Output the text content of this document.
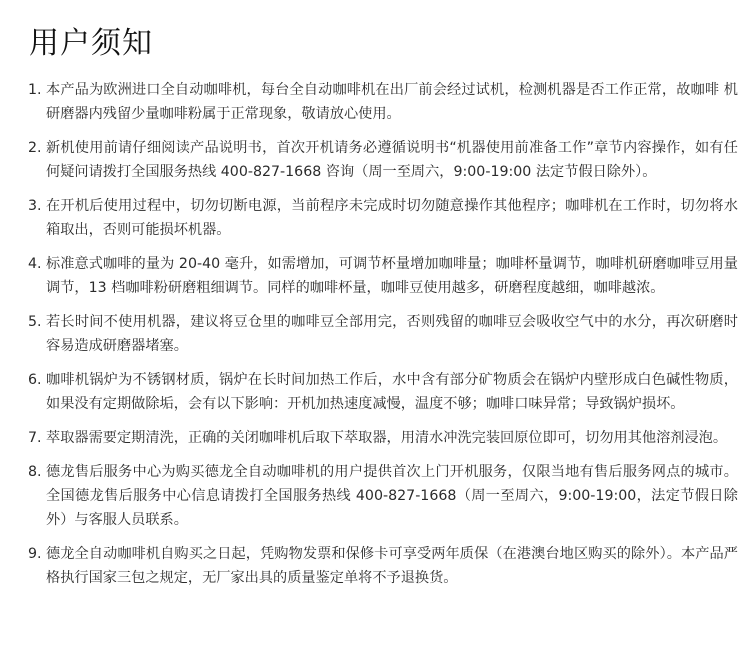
用户须知
1. 本产品为欧洲进口全自动咖啡机，每台全自动咖啡机在出厂前会经过试机，检测机器是否工作正常，故咖啡 机研磨器内残留少量咖啡粉属于正常现象，敬请放心使用。
2. 新机使用前请仔细阅读产品说明书，首次开机请务必遵循说明书“机器使用前准备工作”章节内容操作，如有任何疑问请拨打全国服务热线 400-827-1668 咨询（周一至周六，9:00-19:00 法定节假日除外）。
3. 在开机后使用过程中，切勿切断电源，当前程序未完成时切勿随意操作其他程序；咖啡机在工作时，切勿将水箱取出，否则可能损坏机器。
4. 标准意式咖啡的量为 20-40 毫升，如需增加，可调节杯量增加咖啡量；咖啡杯量调节，咖啡机研磨咖啡豆用量调节，13 档咖啡粉研磨粗细调节。同样的咖啡杯量，咖啡豆使用越多，研磨程度越细，咖啡越浓。
5. 若长时间不使用机器，建议将豆仓里的咖啡豆全部用完，否则残留的咖啡豆会吸收空气中的水分，再次研磨时容易造成研磨器堵塞。
6. 咖啡机锅炉为不锈钢材质，锅炉在长时间加热工作后，水中含有部分矿物质会在锅炉内壁形成白色碱性物质，如果没有定期做除垢，会有以下影响：开机加热速度减慢，温度不够；咖啡口味异常；导致锅炉损坏。
7. 萃取器需要定期清洗，正确的关闭咖啡机后取下萃取器，用清水冲洗完装回原位即可，切勿用其他溶剂浸泡。
8. 德龙售后服务中心为购买德龙全自动咖啡机的用户提供首次上门开机服务，仅限当地有售后服务网点的城市。全国德龙售后服务中心信息请拨打全国服务热线 400-827-1668（周一至周六，9:00-19:00，法定节假日除外）与客服人员联系。
9. 德龙全自动咖啡机自购买之日起，凭购物发票和保修卡可享受两年质保（在港澳台地区购买的除外）。本产品严格执行国家三包之规定，无厂家出具的质量鉴定单将不予退换货。
